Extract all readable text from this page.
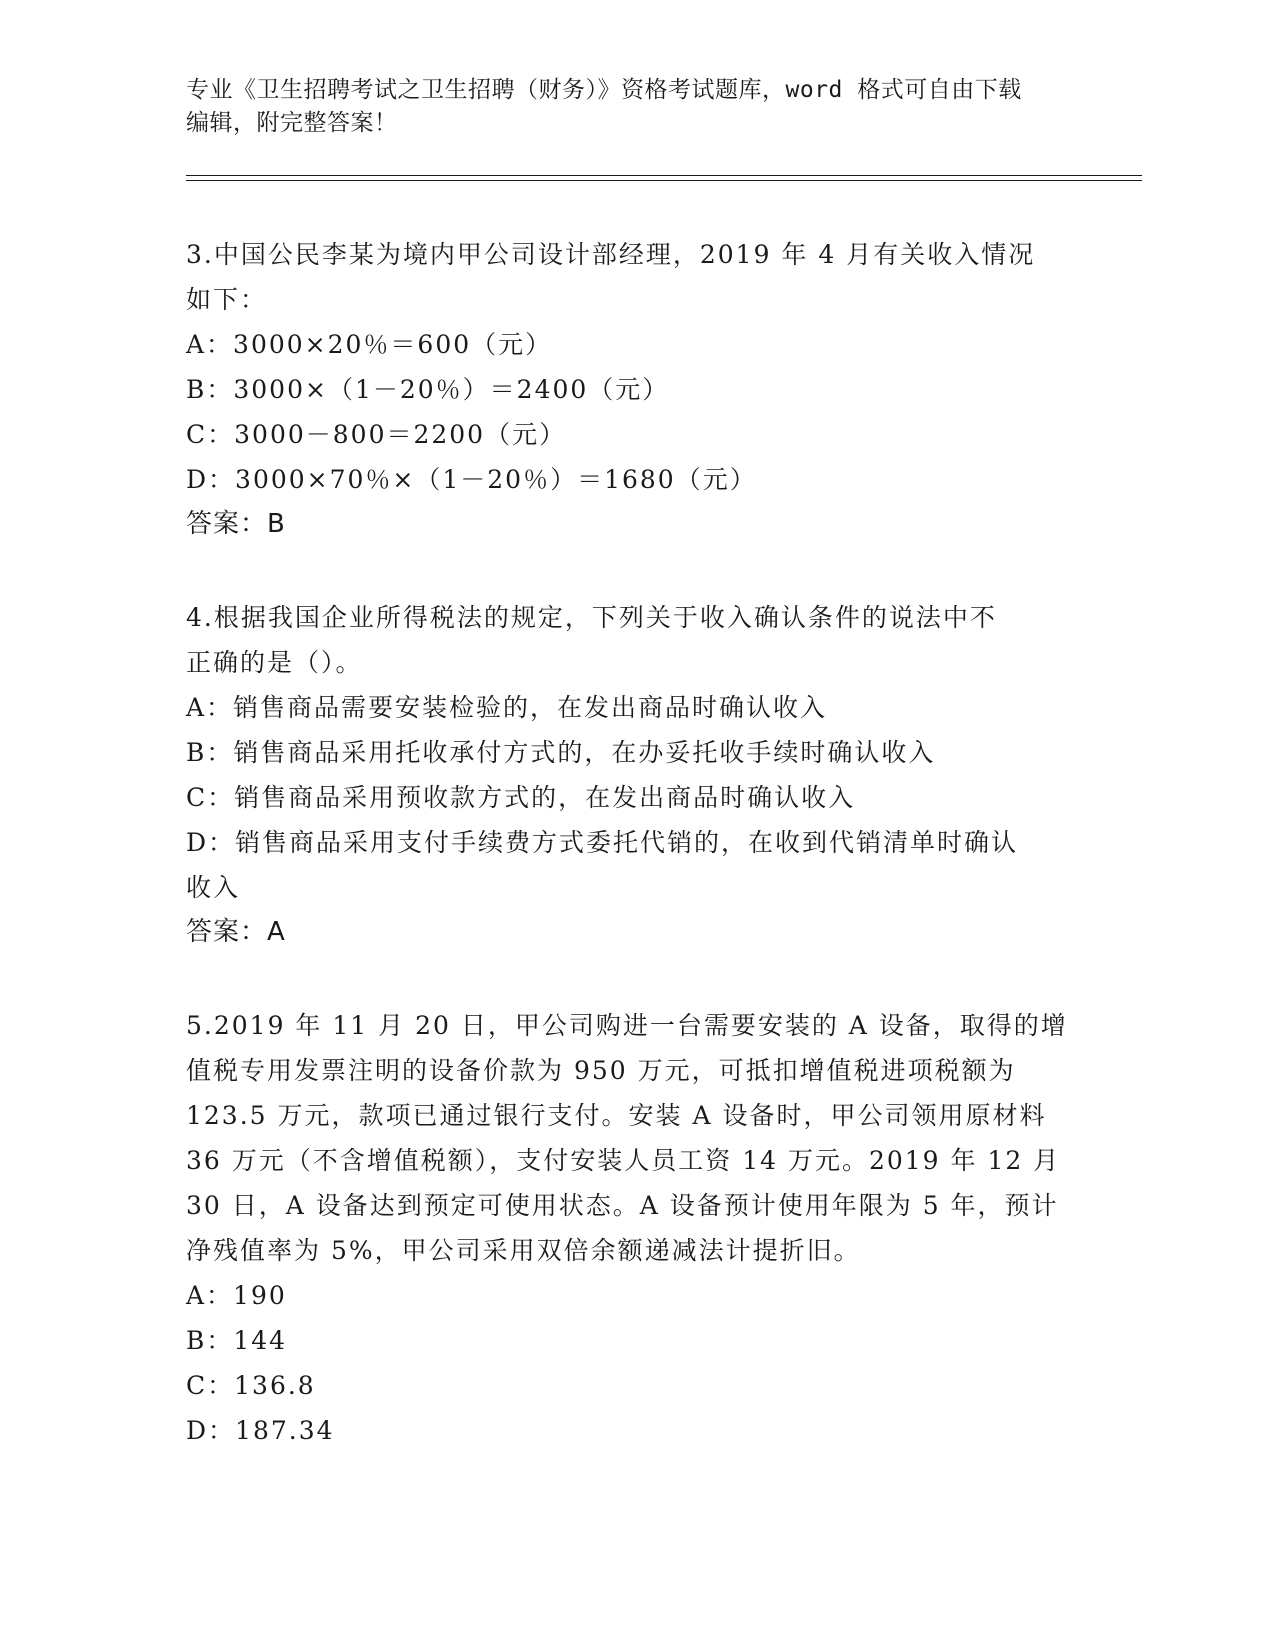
专业《卫生招聘考试之卫生招聘（财务）》资格考试题库，word 格式可自由下载
编辑，附完整答案！
3.中国公民李某为境内甲公司设计部经理，2019 年 4 月有关收入情况
如下：
A：3000×20％＝600（元）
B：3000×（1－20％）＝2400（元）
C：3000－800＝2200（元）
D：3000×70％×（1－20％）＝1680（元）
答案：B
4.根据我国企业所得税法的规定，下列关于收入确认条件的说法中不
正确的是（）。
A：销售商品需要安装检验的，在发出商品时确认收入
B：销售商品采用托收承付方式的，在办妥托收手续时确认收入
C：销售商品采用预收款方式的，在发出商品时确认收入
D：销售商品采用支付手续费方式委托代销的，在收到代销清单时确认
收入
答案：A
5.2019 年 11 月 20 日，甲公司购进一台需要安装的 A 设备，取得的增
值税专用发票注明的设备价款为 950 万元，可抵扣增值税进项税额为
123.5 万元，款项已通过银行支付。安装 A 设备时，甲公司领用原材料
36 万元（不含增值税额），支付安装人员工资 14 万元。2019 年 12 月
30 日，A 设备达到预定可使用状态。A 设备预计使用年限为 5 年，预计
净残值率为 5%，甲公司采用双倍余额递减法计提折旧。
A：190
B：144
C：136.8
D：187.34
